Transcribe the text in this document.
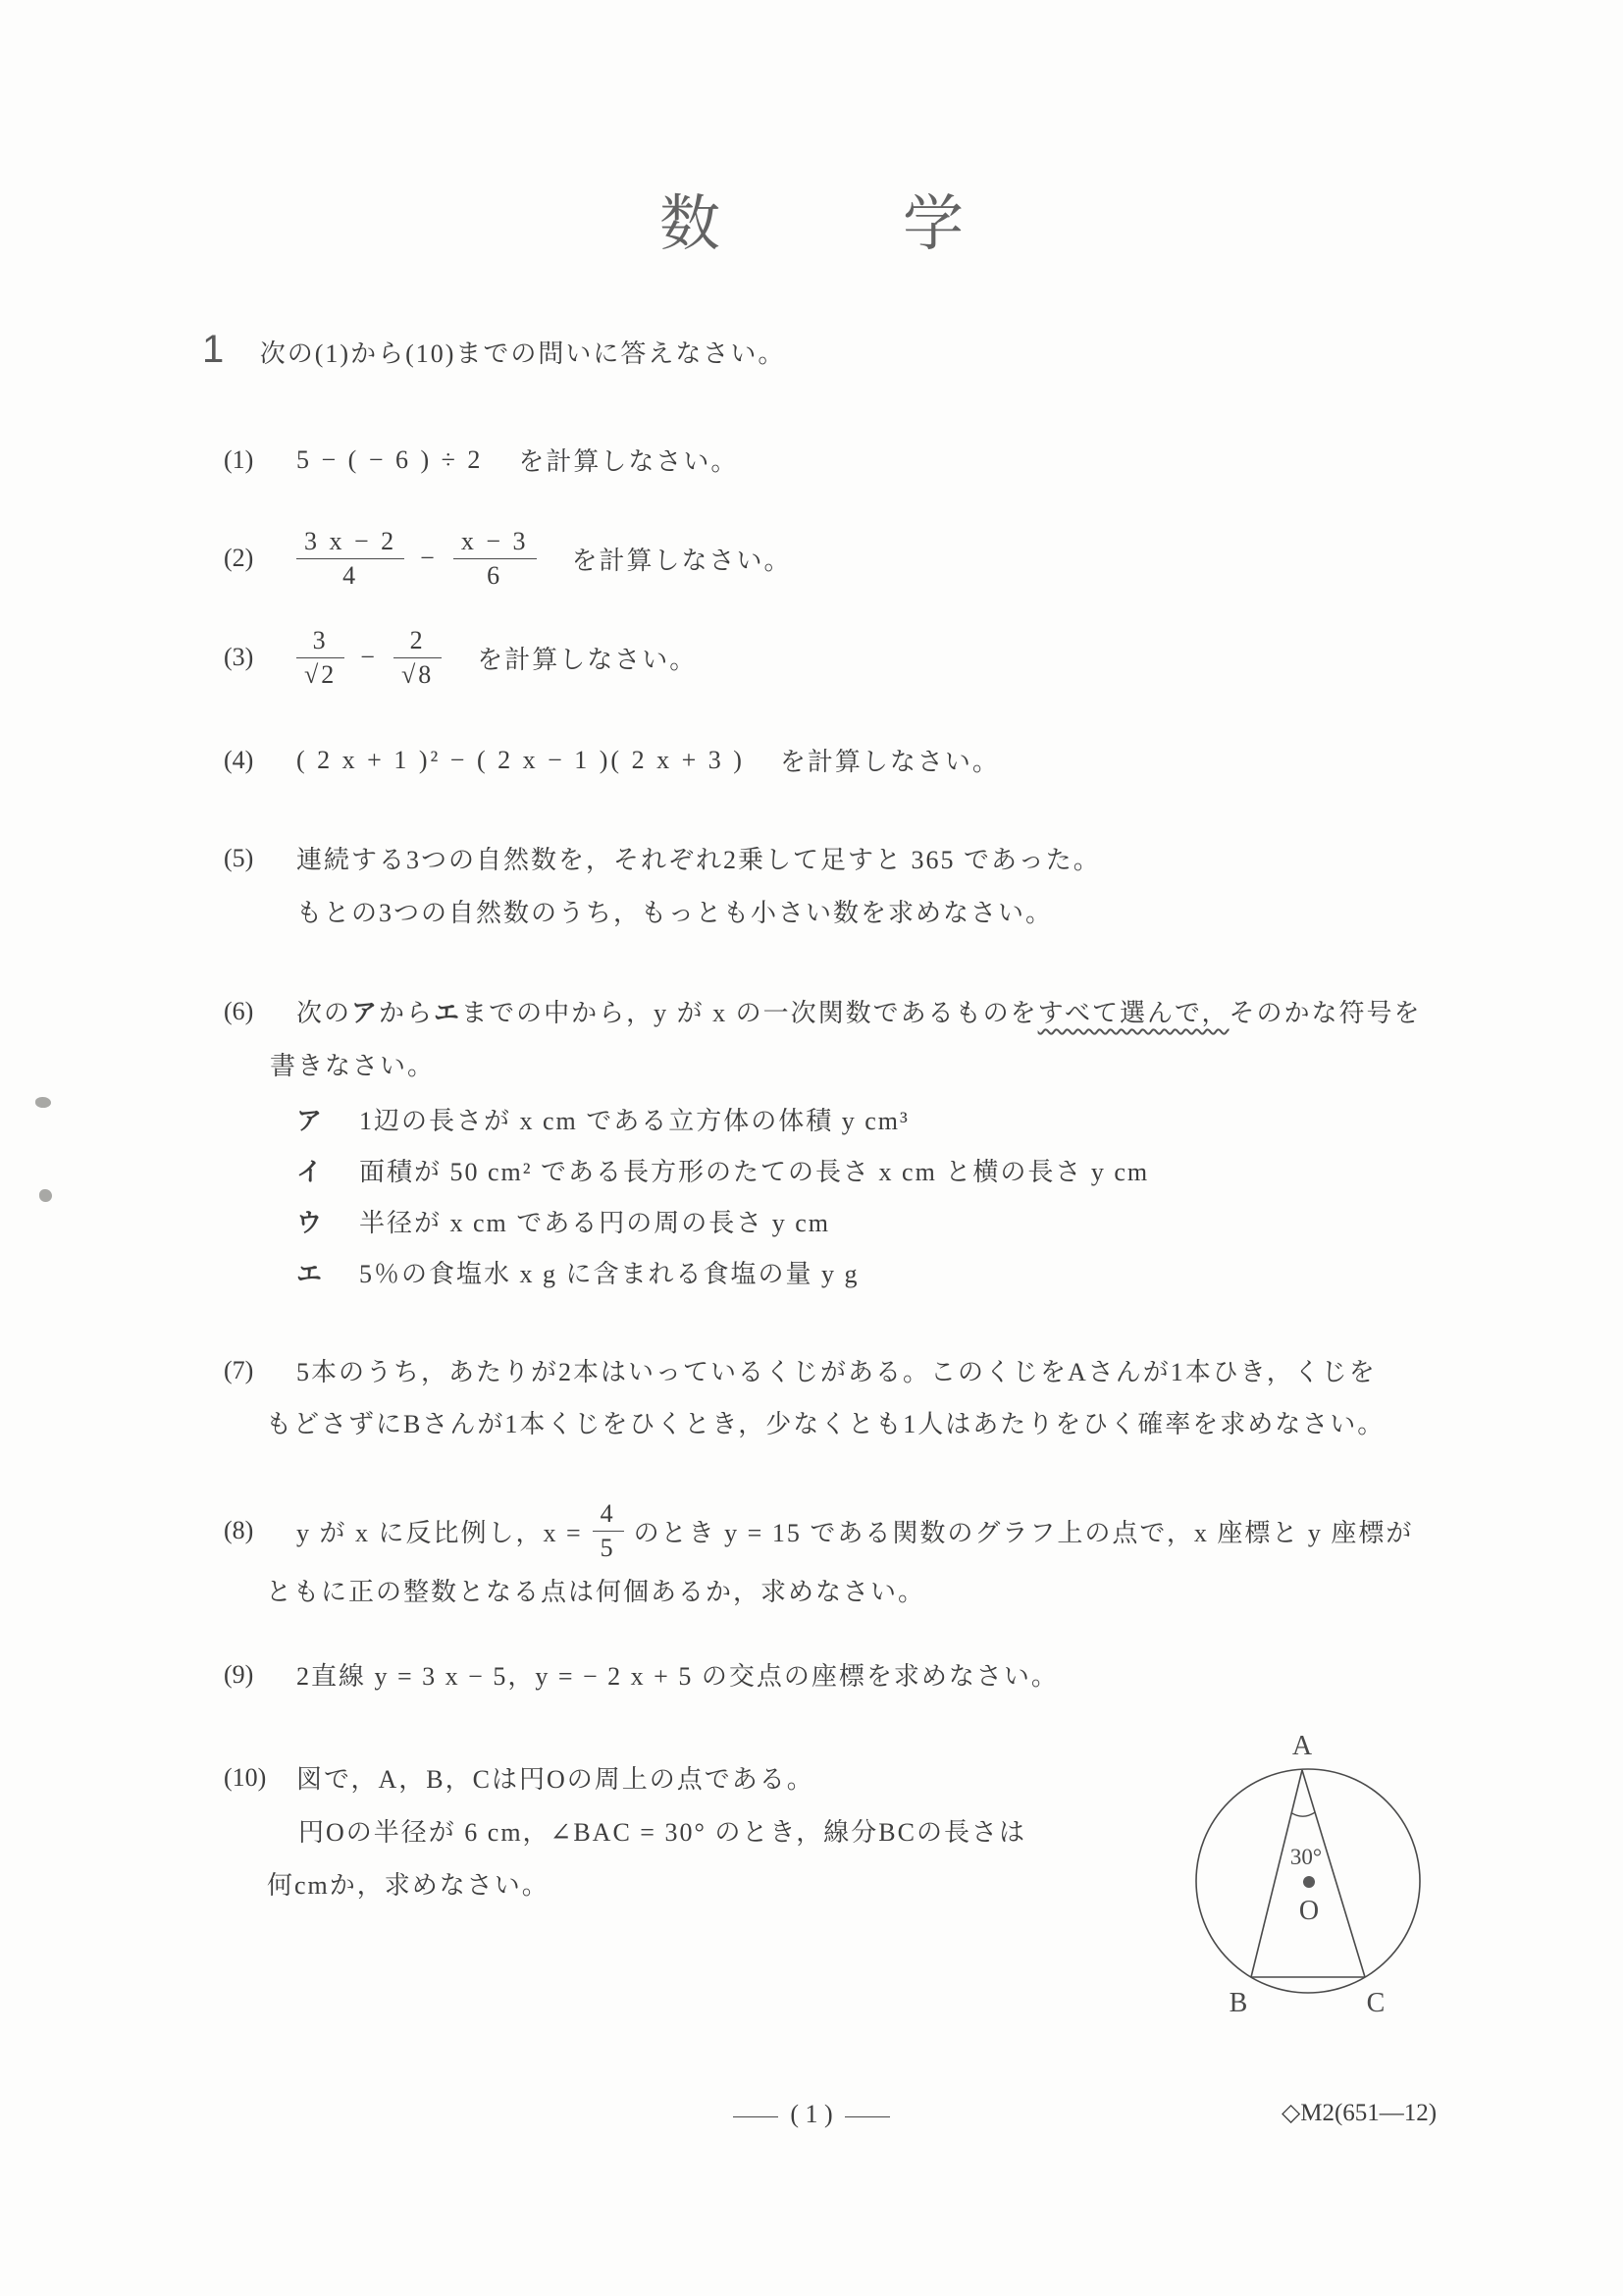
数	学
1 次の(1)から(10)までの問いに答えなさい。
(1)	5 − ( − 6 ) ÷ 2 を計算しなさい。
(2)	$\frac{3 x - 2}{4} - \frac{x - 3}{6}$ を計算しなさい。
(3)	$\frac{3}{√2} - \frac{2}{√8}$ を計算しなさい。
(4)	( 2 x + 1 )² − ( 2 x − 1 )( 2 x + 3 ) を計算しなさい。
(5)	連続する3つの自然数を，それぞれ2乗して足すと 365 であった。
もとの3つの自然数のうち，もっとも小さい数を求めなさい。
(6)	次のアからエまでの中から，y が x の一次関数であるものをすべて選んで，そのかな符号を
書きなさい。
ア	1辺の長さが x cm である立方体の体積 y cm³
イ	面積が 50 cm² である長方形のたての長さ x cm と横の長さ y cm
ウ	半径が x cm である円の周の長さ y cm
エ	5％の食塩水 x g に含まれる食塩の量 y g
(7)	5本のうち，あたりが2本はいっているくじがある。このくじをAさんが1本ひき，くじを
もどさずにBさんが1本くじをひくとき，少なくとも1人はあたりをひく確率を求めなさい。
(8)	y が x に反比例し，$x = \frac{4}{5}$ のとき y = 15 である関数のグラフ上の点で，x 座標と y 座標が
ともに正の整数となる点は何個あるか，求めなさい。
(9)	2直線 y = 3 x − 5，y = − 2 x + 5 の交点の座標を求めなさい。
(10)	図で，A，B，Cは円Oの周上の点である。
円Oの半径が 6 cm，∠BAC = 30° のとき，線分BCの長さは
何cmか，求めなさい。
A
B	C
O
30°
( 1 )	◇M2(651—12)
